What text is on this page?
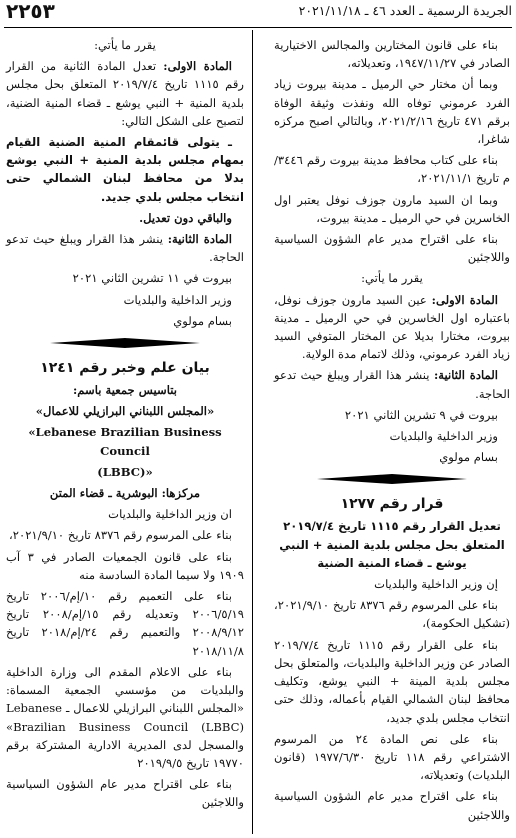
الجريدة الرسمية ـ العدد ٤٦ ـ ٢٠٢١/١١/١٨
٢٢٥٣

بناء على قانون المختارين والمجالس الاختيارية الصادر في ١٩٤٧/١١/٢٧، وتعديلاته،

وبما أن مختار حي الرميل ـ مدينة بيروت زياد الفرد عرموني توفاه الله ونفذت وثيقة الوفاة برقم ٤٧١ تاريخ ٢٠٢١/٢/١٦، وبالتالي اصبح مركزه شاغرا،

بناء على كتاب محافظ مدينة بيروت رقم ٣٤٤٦/م تاريخ ٢٠٢١/١١/١،

وبما ان السيد مارون جوزف نوفل يعتبر اول الخاسرين في حي الرميل ـ مدينة بيروت،

بناء على اقتراح مدير عام الشؤون السياسية واللاجئين

يقرر ما يأتي:

المادة الاولى: عين السيد مارون جوزف نوفل، باعتباره اول الخاسرين في حي الرميل ـ مدينة بيروت، مختارا بديلا عن المختار المتوفي السيد زياد الفرد عرموني، وذلك لاتمام مدة الولاية.

المادة الثانية: ينشر هذا القرار ويبلغ حيث تدعو الحاجة.

بيروت في ٩ تشرين الثاني ٢٠٢١

وزير الداخلية والبلديات

بسام مولوي

قرار رقم ١٢٧٧

تعديل القرار رقم ١١١٥ تاريخ ٢٠١٩/٧/٤ المتعلق بحل مجلس بلدية المنية + النبي يوشع ـ قضاء المنية الضنية

إن وزير الداخلية والبلديات

بناء على المرسوم رقم ٨٣٧٦ تاريخ ٢٠٢١/٩/١٠، (تشكيل الحكومة)،

بناء على القرار رقم ١١١٥ تاريخ ٢٠١٩/٧/٤ الصادر عن وزير الداخلية والبلديات، والمتعلق بحل مجلس بلدية المينة + النبي يوشع، وتكليف محافظ لبنان الشمالي القيام بأعماله، وذلك حتى انتخاب مجلس بلدي جديد،

بناء على نص المادة ٢٤ من المرسوم الاشتراعي رقم ١١٨ تاريخ ١٩٧٧/٦/٣٠ (قانون البلديات) وتعديلاته،

بناء على اقتراح مدير عام الشؤون السياسية واللاجئين

يقرر ما يأتي:

المادة الاولى: تعدل المادة الثانية من القرار رقم ١١١٥ تاريخ ٢٠١٩/٧/٤ المتعلق بحل مجلس بلدية المنية + النبي يوشع ـ قضاء المنية الضنية، لتصبح على الشكل التالي:

ـ يتولى قائمقام المنية الضنية القيام بمهام مجلس بلدية المنية + النبي يوشع بدلا من محافظ لبنان الشمالي حتى انتخاب مجلس بلدي جديد.

والباقي دون تعديل.

المادة الثانية: ينشر هذا القرار ويبلغ حيث تدعو الحاجة.

بيروت في ١١ تشرين الثاني ٢٠٢١

وزير الداخلية والبلديات

بسام مولوي

بيان علم وخبر رقم ١٢٤١

بتاسيس جمعية باسم:

«المجلس اللبناني البرازيلي للاعمال»

«Lebanese Brazilian Business Council

(LBBC)»

مركزها: البوشرية ـ قضاء المتن

ان وزير الداخلية والبلديات

بناء على المرسوم رقم ٨٣٧٦ تاريخ ٢٠٢١/٩/١٠،

بناء على قانون الجمعيات الصادر في ٣ آب ١٩٠٩ ولا سيما المادة السادسة منه

بناء على التعميم رقم ١٠/إم/٢٠٠٦ تاريخ ٢٠٠٦/٥/١٩ وتعديله رقم ١٥/إم/٢٠٠٨ تاريخ ٢٠٠٨/٩/١٢ والتعميم رقم ٢٤/إم/٢٠١٨ تاريخ ٢٠١٨/١١/٨

بناء على الاعلام المقدم الى وزارة الداخلية والبلديات من مؤسسي الجمعية المسماة: «المجلس اللبناني البرازيلي للاعمال ـ Lebanese Brazilian Business Council (LBBC)» والمسجل لدى المديرية الادارية المشتركة برقم ١٩٧٧٠ تاريخ ٢٠١٩/٩/٥

بناء على اقتراح مدير عام الشؤون السياسية واللاجئين
